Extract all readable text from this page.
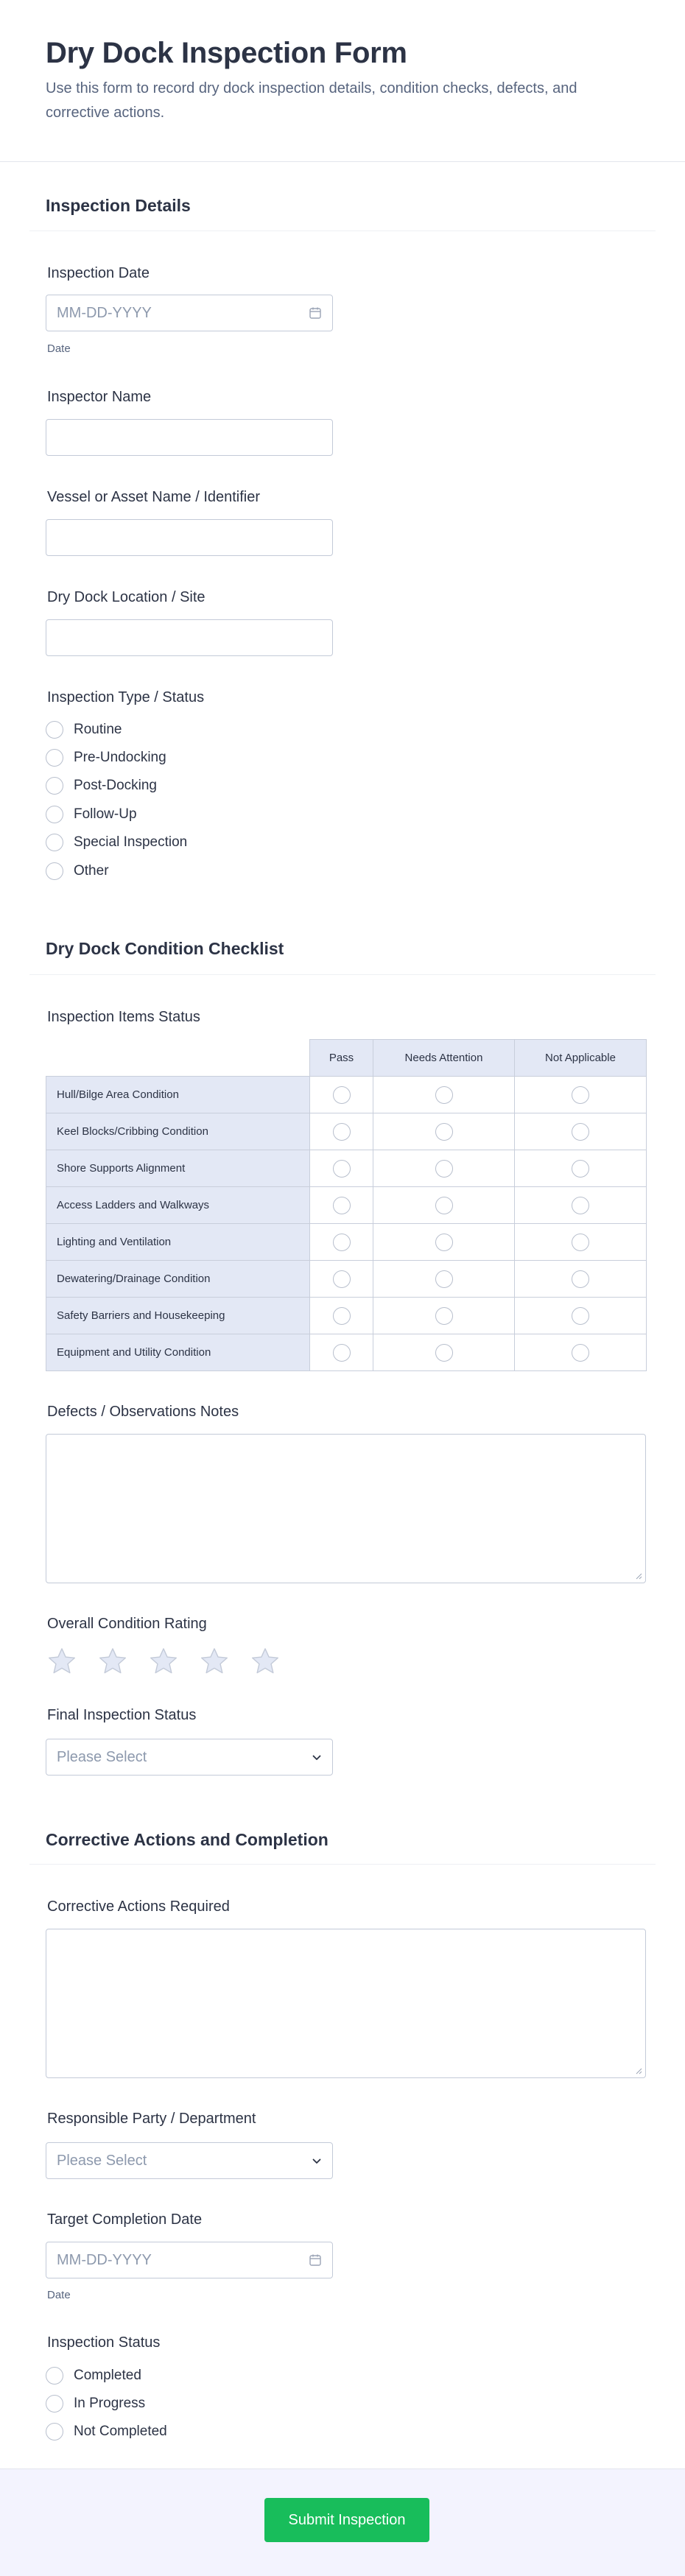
Dry Dock Inspection Form

Use this form to record dry dock inspection details, condition checks, defects, and corrective actions.

Inspection Details
Inspection Date
MM-DD-YYYY
Date
Inspector Name
Vessel or Asset Name / Identifier
Dry Dock Location / Site
Inspection Type / Status
Routine
Pre-Undocking
Post-Docking
Follow-Up
Special Inspection
Other
Dry Dock Condition Checklist
Inspection Items Status
	Pass	Needs Attention	Not Applicable
Hull/Bilge Area Condition			
Keel Blocks/Cribbing Condition			
Shore Supports Alignment			
Access Ladders and Walkways			
Lighting and Ventilation			
Dewatering/Drainage Condition			
Safety Barriers and Housekeeping			
Equipment and Utility Condition			
Defects / Observations Notes
Overall Condition Rating
Final Inspection Status
Please Select
Corrective Actions and Completion
Corrective Actions Required
Responsible Party / Department
Please Select
Target Completion Date
MM-DD-YYYY
Date
Inspection Status
Completed
In Progress
Not Completed
Submit Inspection
